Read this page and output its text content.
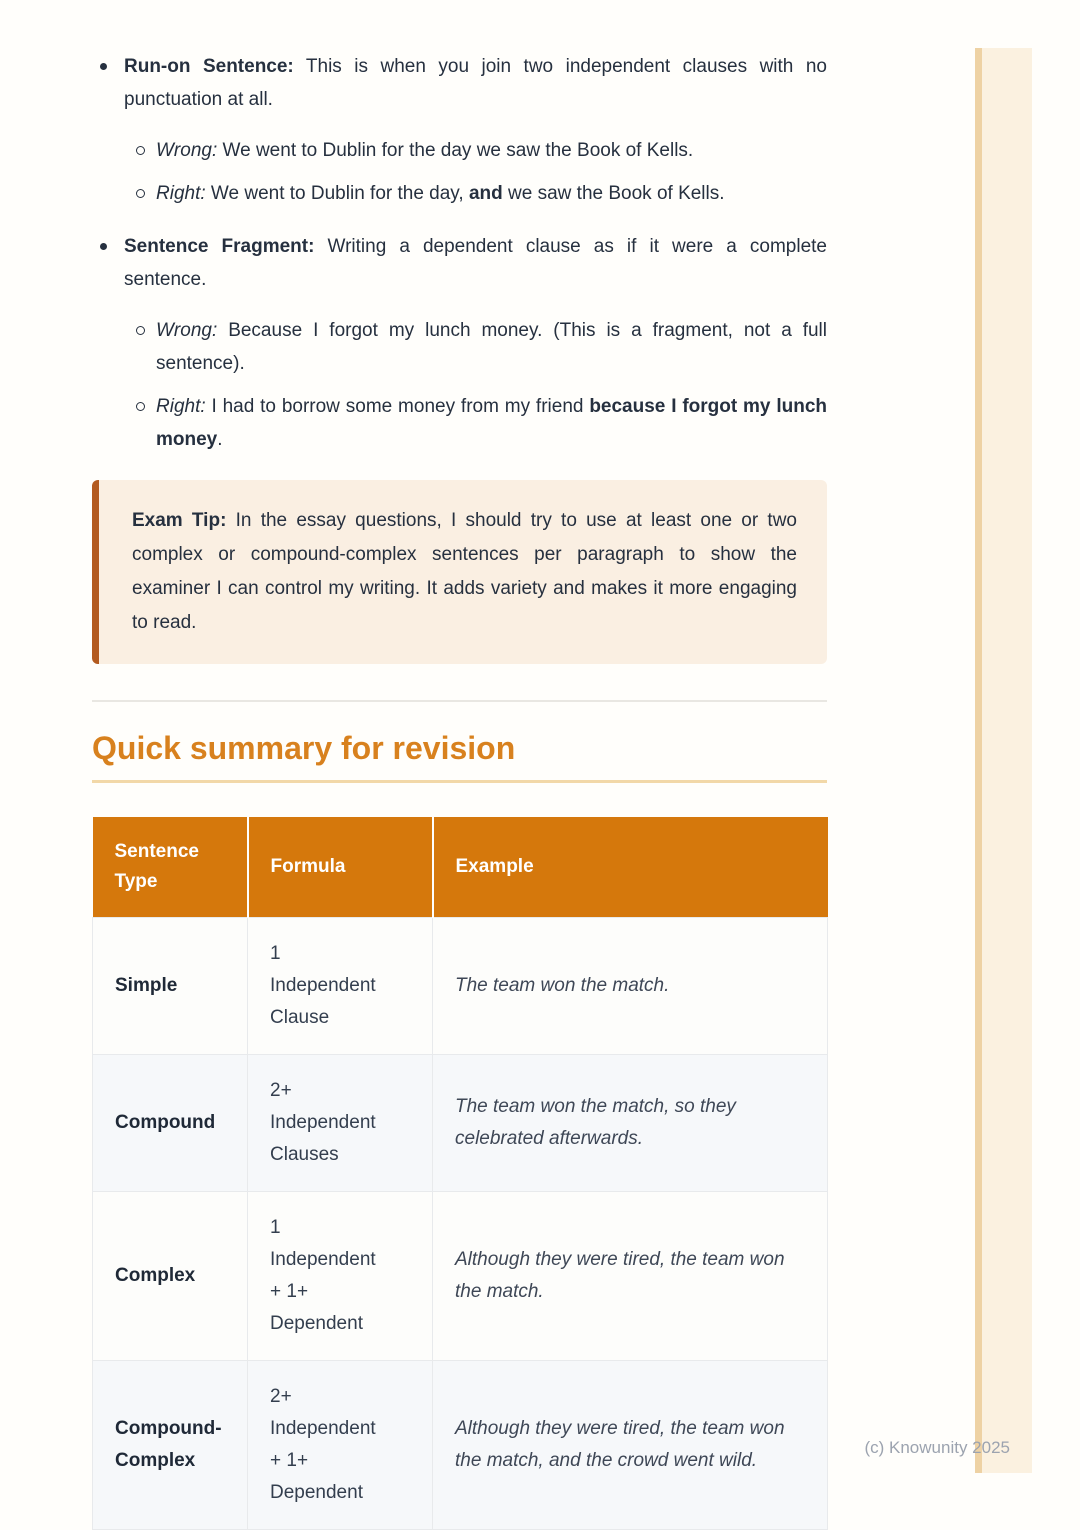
Run-on Sentence: This is when you join two independent clauses with no punctuation at all.

Wrong: We went to Dublin for the day we saw the Book of Kells.

Right: We went to Dublin for the day, and we saw the Book of Kells.

Sentence Fragment: Writing a dependent clause as if it were a complete sentence.

Wrong: Because I forgot my lunch money. (This is a fragment, not a full sentence).

Right: I had to borrow some money from my friend because I forgot my lunch money.

Exam Tip: In the essay questions, I should try to use at least one or two complex or compound-complex sentences per paragraph to show the examiner I can control my writing. It adds variety and makes it more engaging to read.

Quick summary for revision
Sentence Type	Formula	Example
Simple	1 Independent Clause	The team won the match.
Compound	2+ Independent Clauses	The team won the match, so they celebrated afterwards.
Complex	1 Independent + 1+ Dependent	Although they were tired, the team won the match.
Compound-Complex	2+ Independent + 1+ Dependent	Although they were tired, the team won the match, and the crowd went wild.
(c) Knowunity 2025
